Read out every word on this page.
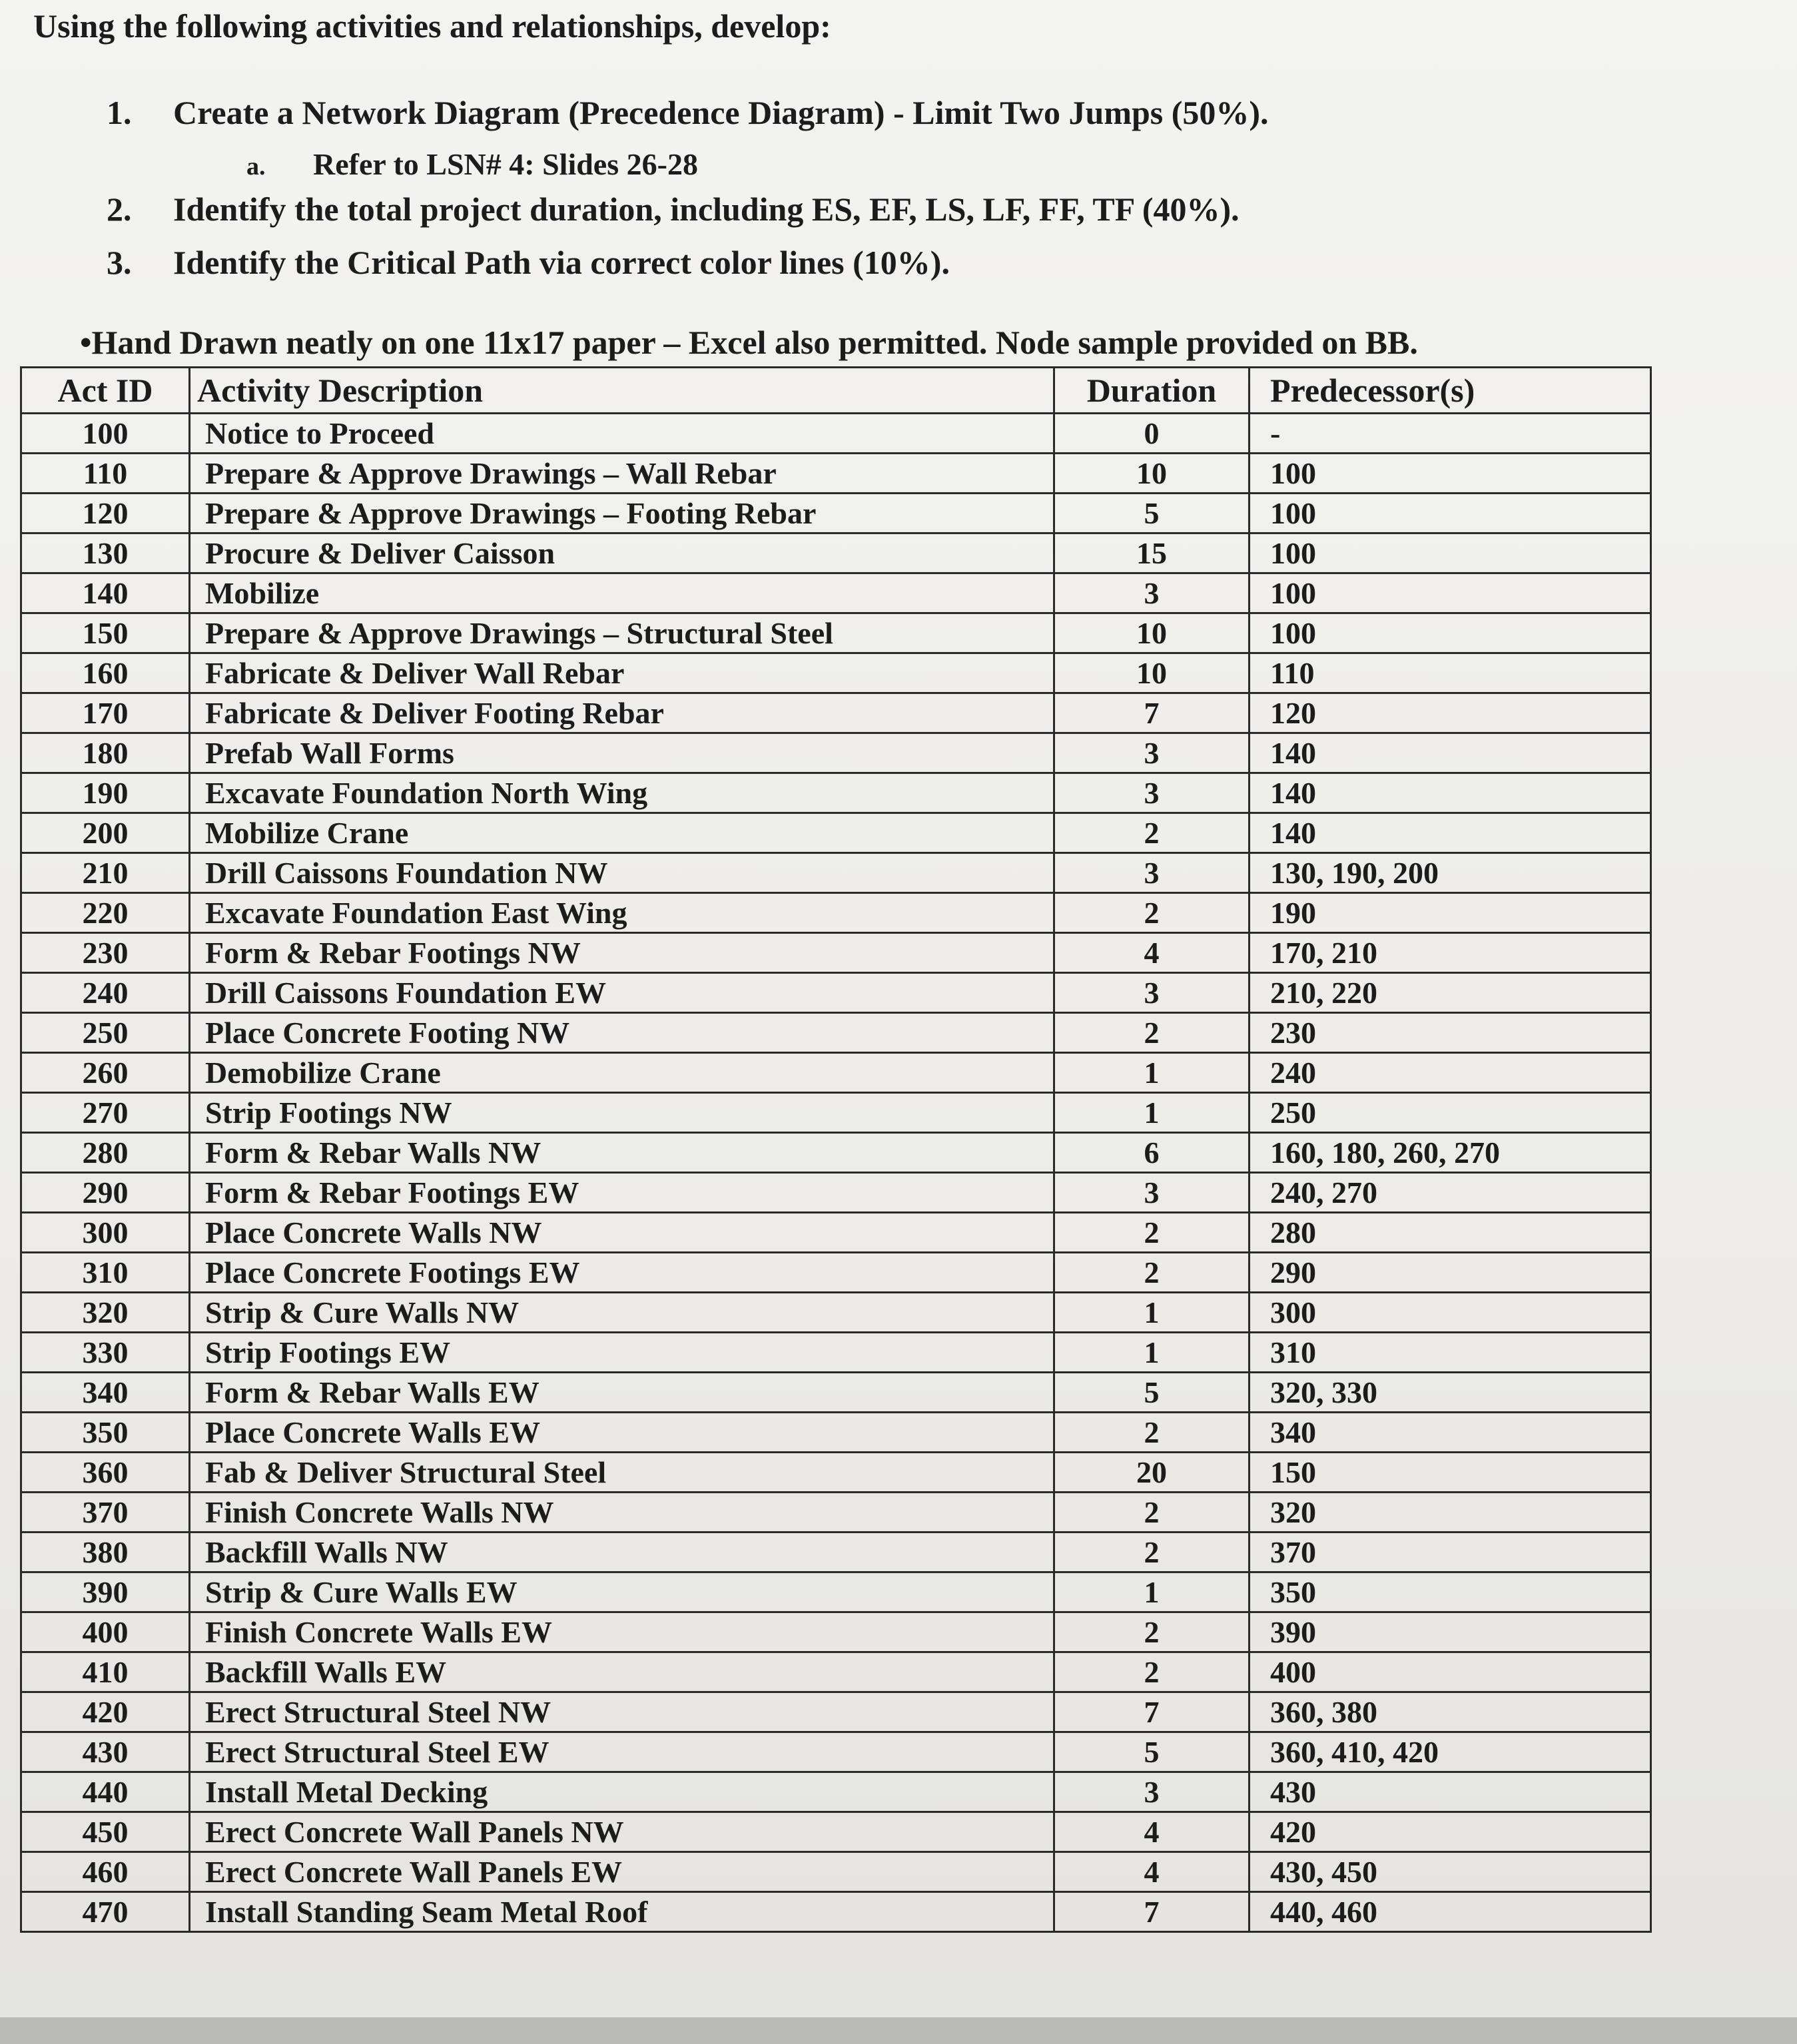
Using the following activities and relationships, develop:
1. Create a Network Diagram (Precedence Diagram) - Limit Two Jumps (50%).
a. Refer to LSN# 4: Slides 26-28
2. Identify the total project duration, including ES, EF, LS, LF, FF, TF (40%).
3. Identify the Critical Path via correct color lines (10%).
•Hand Drawn neatly on one 11x17 paper – Excel also permitted. Node sample provided on BB.
Act ID	Activity Description	Duration	Predecessor(s)
100	Notice to Proceed	0	-
110	Prepare & Approve Drawings – Wall Rebar	10	100
120	Prepare & Approve Drawings – Footing Rebar	5	100
130	Procure & Deliver Caisson	15	100
140	Mobilize	3	100
150	Prepare & Approve Drawings – Structural Steel	10	100
160	Fabricate & Deliver Wall Rebar	10	110
170	Fabricate & Deliver Footing Rebar	7	120
180	Prefab Wall Forms	3	140
190	Excavate Foundation North Wing	3	140
200	Mobilize Crane	2	140
210	Drill Caissons Foundation NW	3	130, 190, 200
220	Excavate Foundation East Wing	2	190
230	Form & Rebar Footings NW	4	170, 210
240	Drill Caissons Foundation EW	3	210, 220
250	Place Concrete Footing NW	2	230
260	Demobilize Crane	1	240
270	Strip Footings NW	1	250
280	Form & Rebar Walls NW	6	160, 180, 260, 270
290	Form & Rebar Footings EW	3	240, 270
300	Place Concrete Walls NW	2	280
310	Place Concrete Footings EW	2	290
320	Strip & Cure Walls NW	1	300
330	Strip Footings EW	1	310
340	Form & Rebar Walls EW	5	320, 330
350	Place Concrete Walls EW	2	340
360	Fab & Deliver Structural Steel	20	150
370	Finish Concrete Walls NW	2	320
380	Backfill Walls NW	2	370
390	Strip & Cure Walls EW	1	350
400	Finish Concrete Walls EW	2	390
410	Backfill Walls EW	2	400
420	Erect Structural Steel NW	7	360, 380
430	Erect Structural Steel EW	5	360, 410, 420
440	Install Metal Decking	3	430
450	Erect Concrete Wall Panels NW	4	420
460	Erect Concrete Wall Panels EW	4	430, 450
470	Install Standing Seam Metal Roof	7	440, 460
